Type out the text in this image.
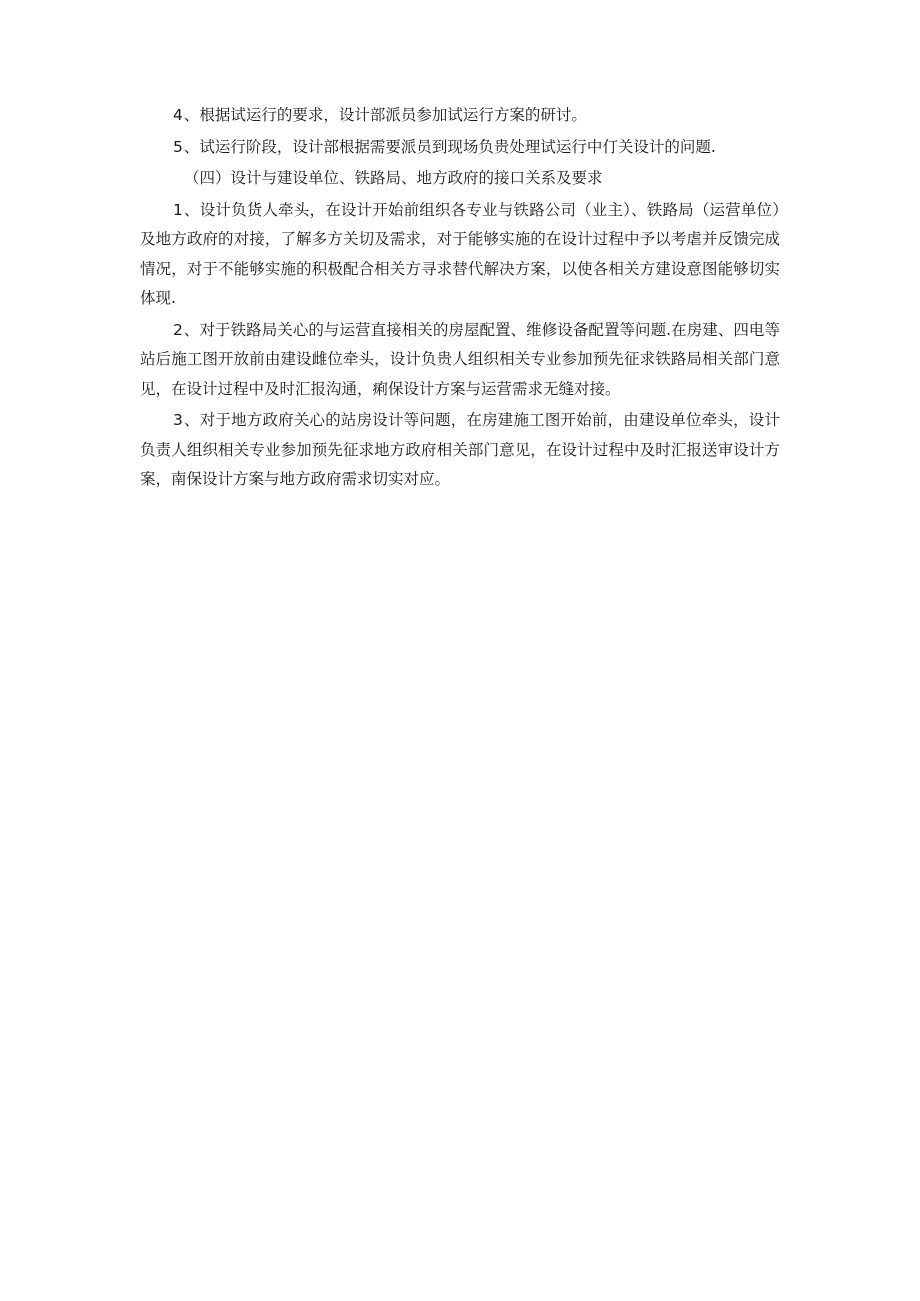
4、根据试运行的要求，设计部派员参加试运行方案的研讨。

5、试运行阶段，设计部根据需要派员到现场负贵处理试运行中仃关设计的问题.

（四）设计与建设单位、铁路局、地方政府的接口关系及要求

1、设计负货人牵头，在设计开始前组织各专业与铁路公司（业主）、铁路局（运营单位）及地方政府的对接，了解多方关切及需求，对于能够实施的在设计过程中予以考虐并反馈完成情况，对于不能够实施的积极配合相关方寻求替代解决方案，以使各相关方建设意图能够切实体现.

2、对于铁路局关心的与运营直接相关的房屋配置、维修设备配置等问题.在房建、四电等站后施工图开放前由建设雌位牵头，设计负贵人组织相关专业参加预先征求铁路局相关部门意见，在设计过程中及时汇报沟通，痢保设计方案与运营需求无缝对接。

3、对于地方政府关心的站房设计等问题，在房建施工图开始前，由建设单位牵头，设计负责人组织相关专业参加预先征求地方政府相关部门意见，在设计过程中及时汇报送审设计方案，南保设计方案与地方政府需求切实对应。
